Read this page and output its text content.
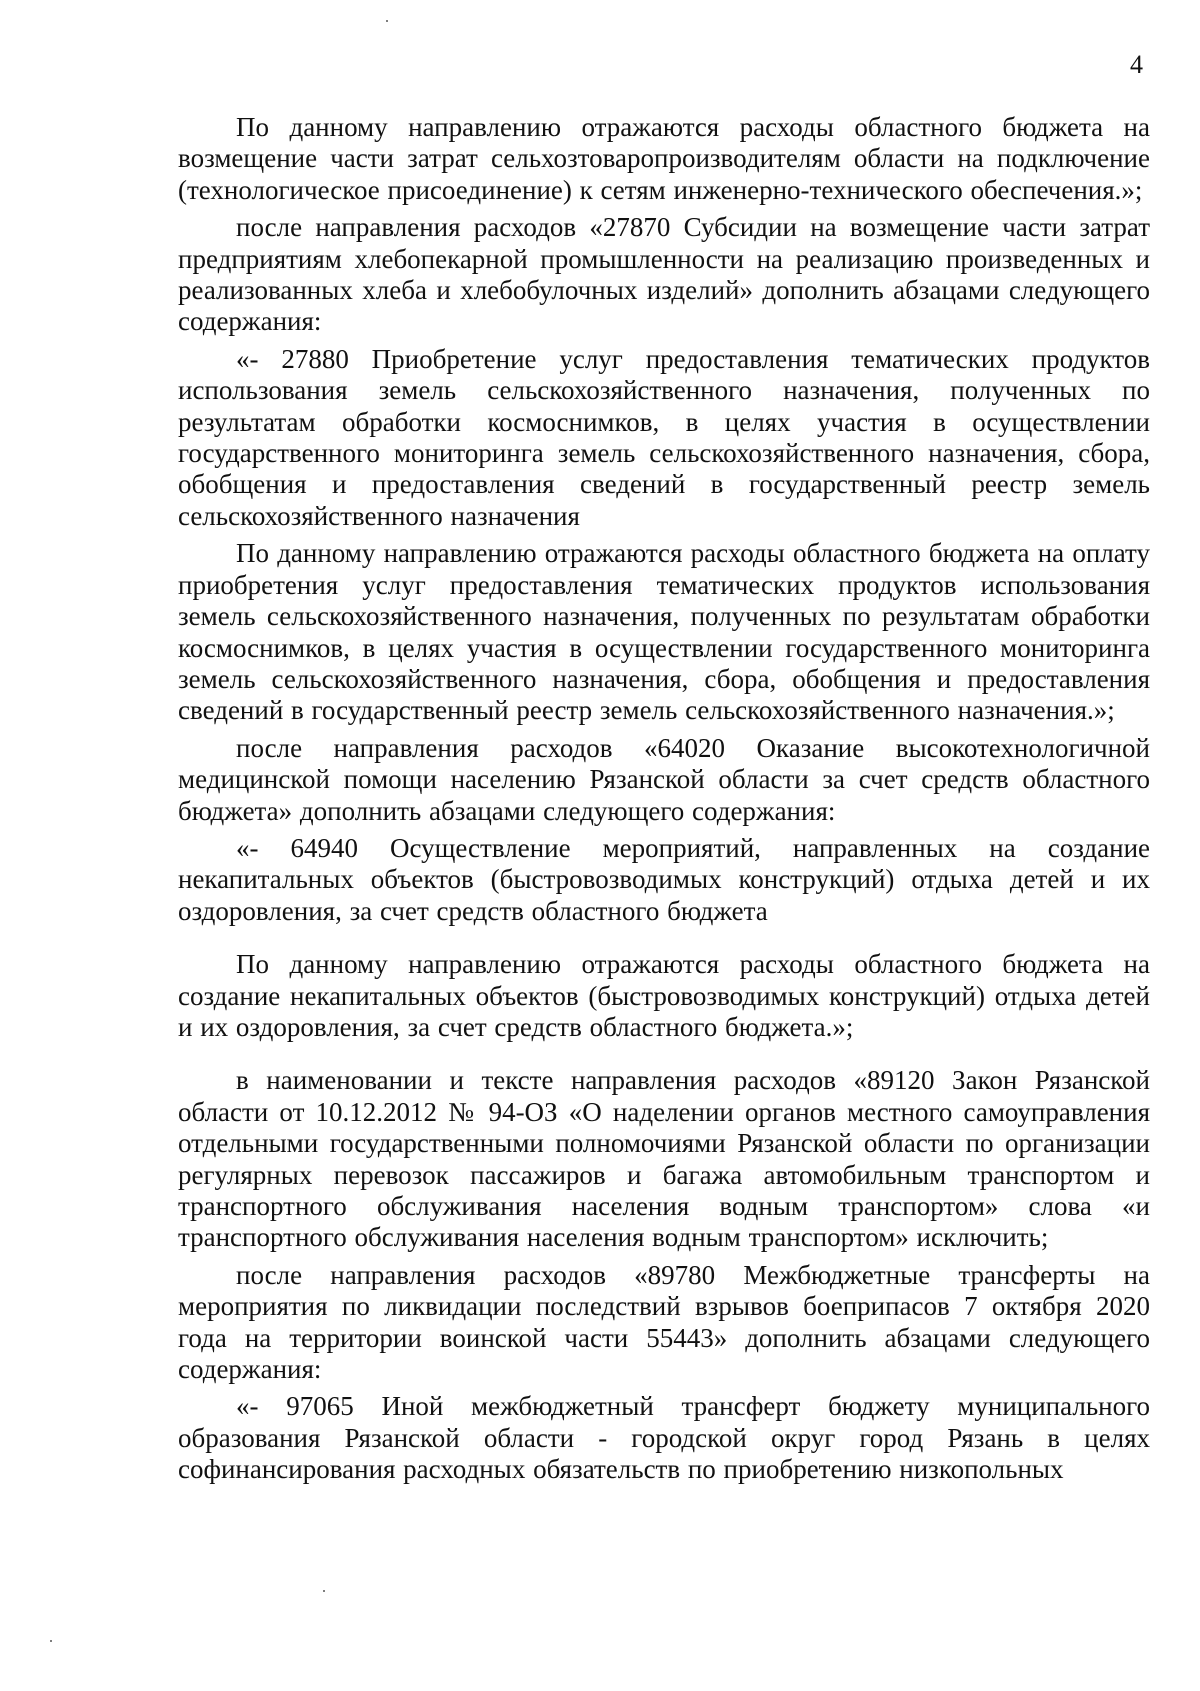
4

По данному направлению отражаются расходы областного бюджета на возмещение части затрат сельхозтоваропроизводителям области на подключение (технологическое присоединение) к сетям инженерно-технического обеспечения.»;

после направления расходов «27870 Субсидии на возмещение части затрат предприятиям хлебопекарной промышленности на реализацию произведенных и реализованных хлеба и хлебобулочных изделий» дополнить абзацами следующего содержания:

«- 27880 Приобретение услуг предоставления тематических продуктов использования земель сельскохозяйственного назначения, полученных по результатам обработки космоснимков, в целях участия в осуществлении государственного мониторинга земель сельскохозяйственного назначения, сбора, обобщения и предоставления сведений в государственный реестр земель сельскохозяйственного назначения

По данному направлению отражаются расходы областного бюджета на оплату приобретения услуг предоставления тематических продуктов использования земель сельскохозяйственного назначения, полученных по результатам обработки космоснимков, в целях участия в осуществлении государственного мониторинга земель сельскохозяйственного назначения, сбора, обобщения и предоставления сведений в государственный реестр земель сельскохозяйственного назначения.»;

после направления расходов «64020 Оказание высокотехнологичной медицинской помощи населению Рязанской области за счет средств областного бюджета» дополнить абзацами следующего содержания:

«- 64940 Осуществление мероприятий, направленных на создание некапитальных объектов (быстровозводимых конструкций) отдыха детей и их оздоровления, за счет средств областного бюджета

По данному направлению отражаются расходы областного бюджета на создание некапитальных объектов (быстровозводимых конструкций) отдыха детей и их оздоровления, за счет средств областного бюджета.»;

в наименовании и тексте направления расходов «89120 Закон Рязанской области от 10.12.2012 № 94-ОЗ «О наделении органов местного самоуправления отдельными государственными полномочиями Рязанской области по организации регулярных перевозок пассажиров и багажа автомобильным транспортом и транспортного обслуживания населения водным транспортом» слова «и транспортного обслуживания населения водным транспортом» исключить;

после направления расходов «89780 Межбюджетные трансферты на мероприятия по ликвидации последствий взрывов боеприпасов 7 октября 2020 года на территории воинской части 55443» дополнить абзацами следующего содержания:

«- 97065 Иной межбюджетный трансферт бюджету муниципального образования Рязанской области - городской округ город Рязань в целях софинансирования расходных обязательств по приобретению низкопольных
